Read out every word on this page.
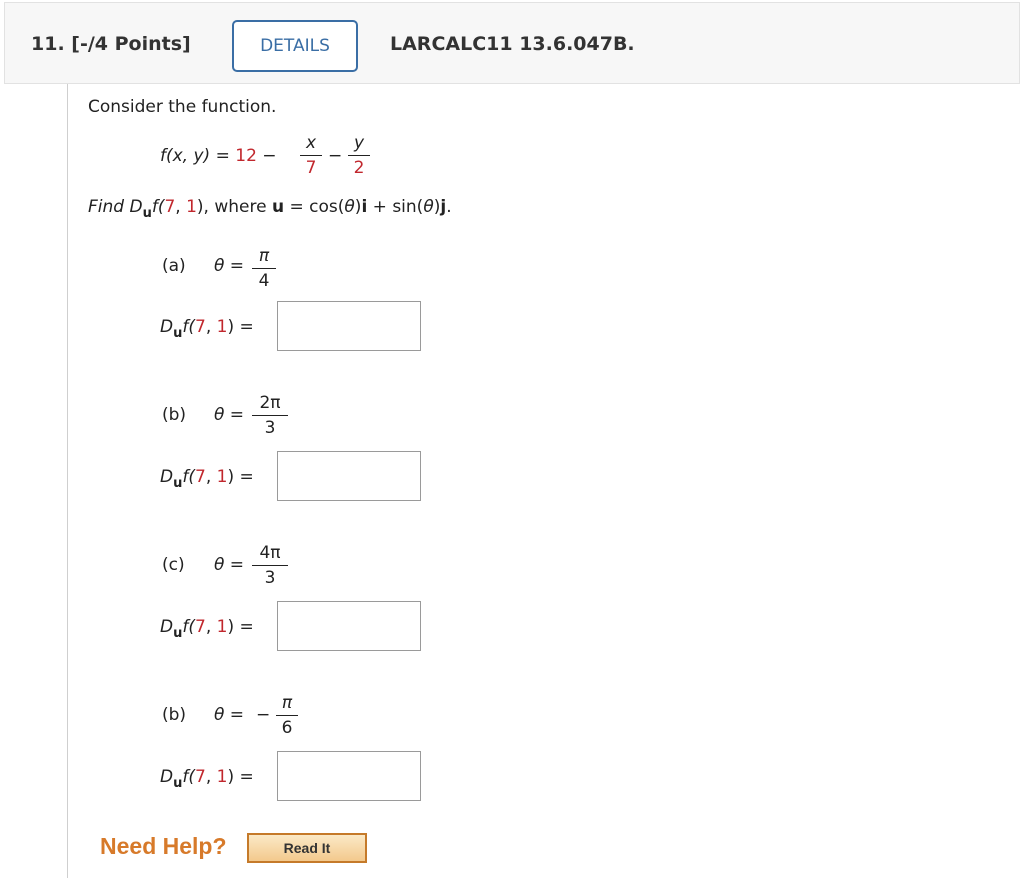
11. [-/4 Points]	DETAILS	LARCALC11 13.6.047B.
Consider the function.
f(x, y) = 12 −
x
7
−
y
2
Find $D_uf(7$, 1), where u = cos(θ)i + sin(θ)j.
(a) θ = π
4
$D_uf(7$, 1) =
(b) θ =
2π
3
$D_uf(7$, 1) =
(c) θ =
4π
3
$D_uf(7$, 1) =
(b) θ = −
π
6
$D_uf(7$, 1) =
Need Help?	Read It
